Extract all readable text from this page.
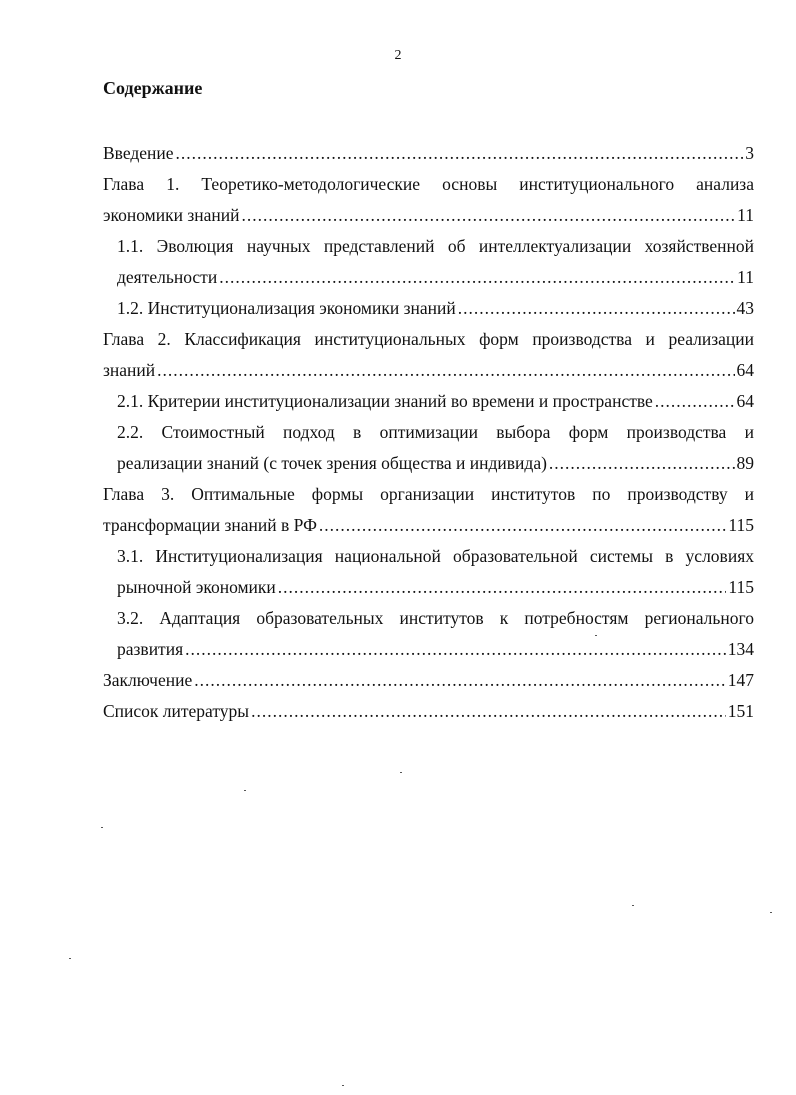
2
Содержание
Введение .....	3
Глава 1. Теоретико-методологические основы институционального анализа
экономики знаний .....	11
1.1. Эволюция научных представлений об интеллектуализации хозяйственной
деятельности .....	11
1.2. Институционализация экономики знаний .....	43
Глава 2. Классификация институциональных форм производства и реализации
знаний .....	64
2.1. Критерии институционализации знаний во времени и пространстве .....	64
2.2. Стоимостный подход в оптимизации выбора форм производства и
реализации знаний (с точек зрения общества и индивида) .....	89
Глава 3. Оптимальные формы организации институтов по производству и
трансформации знаний в РФ .....	115
3.1. Институционализация национальной образовательной системы в условиях
рыночной экономики .....	115
3.2. Адаптация образовательных институтов к потребностям регионального
развития .....	134
Заключение .....	147
Список литературы .....	151
